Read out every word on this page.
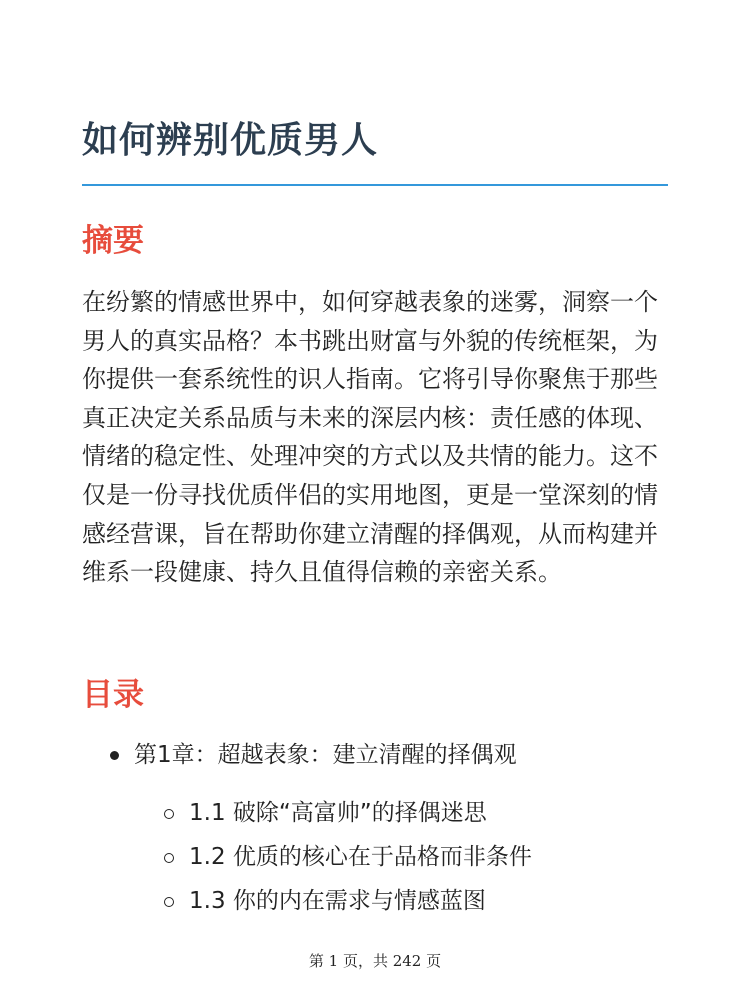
如何辨别优质男人
摘要

在纷繁的情感世界中，如何穿越表象的迷雾，洞察一个男人的真实品格？本书跳出财富与外貌的传统框架，为你提供一套系统性的识人指南。它将引导你聚焦于那些真正决定关系品质与未来的深层内核：责任感的体现、情绪的稳定性、处理冲突的方式以及共情的能力。这不仅是一份寻找优质伴侣的实用地图，更是一堂深刻的情感经营课，旨在帮助你建立清醒的择偶观，从而构建并维系一段健康、持久且值得信赖的亲密关系。

目录
第1章：超越表象：建立清醒的择偶观
1.1 破除“高富帅”的择偶迷思
1.2 优质的核心在于品格而非条件
1.3 你的内在需求与情感蓝图
第 1 页，共 242 页
